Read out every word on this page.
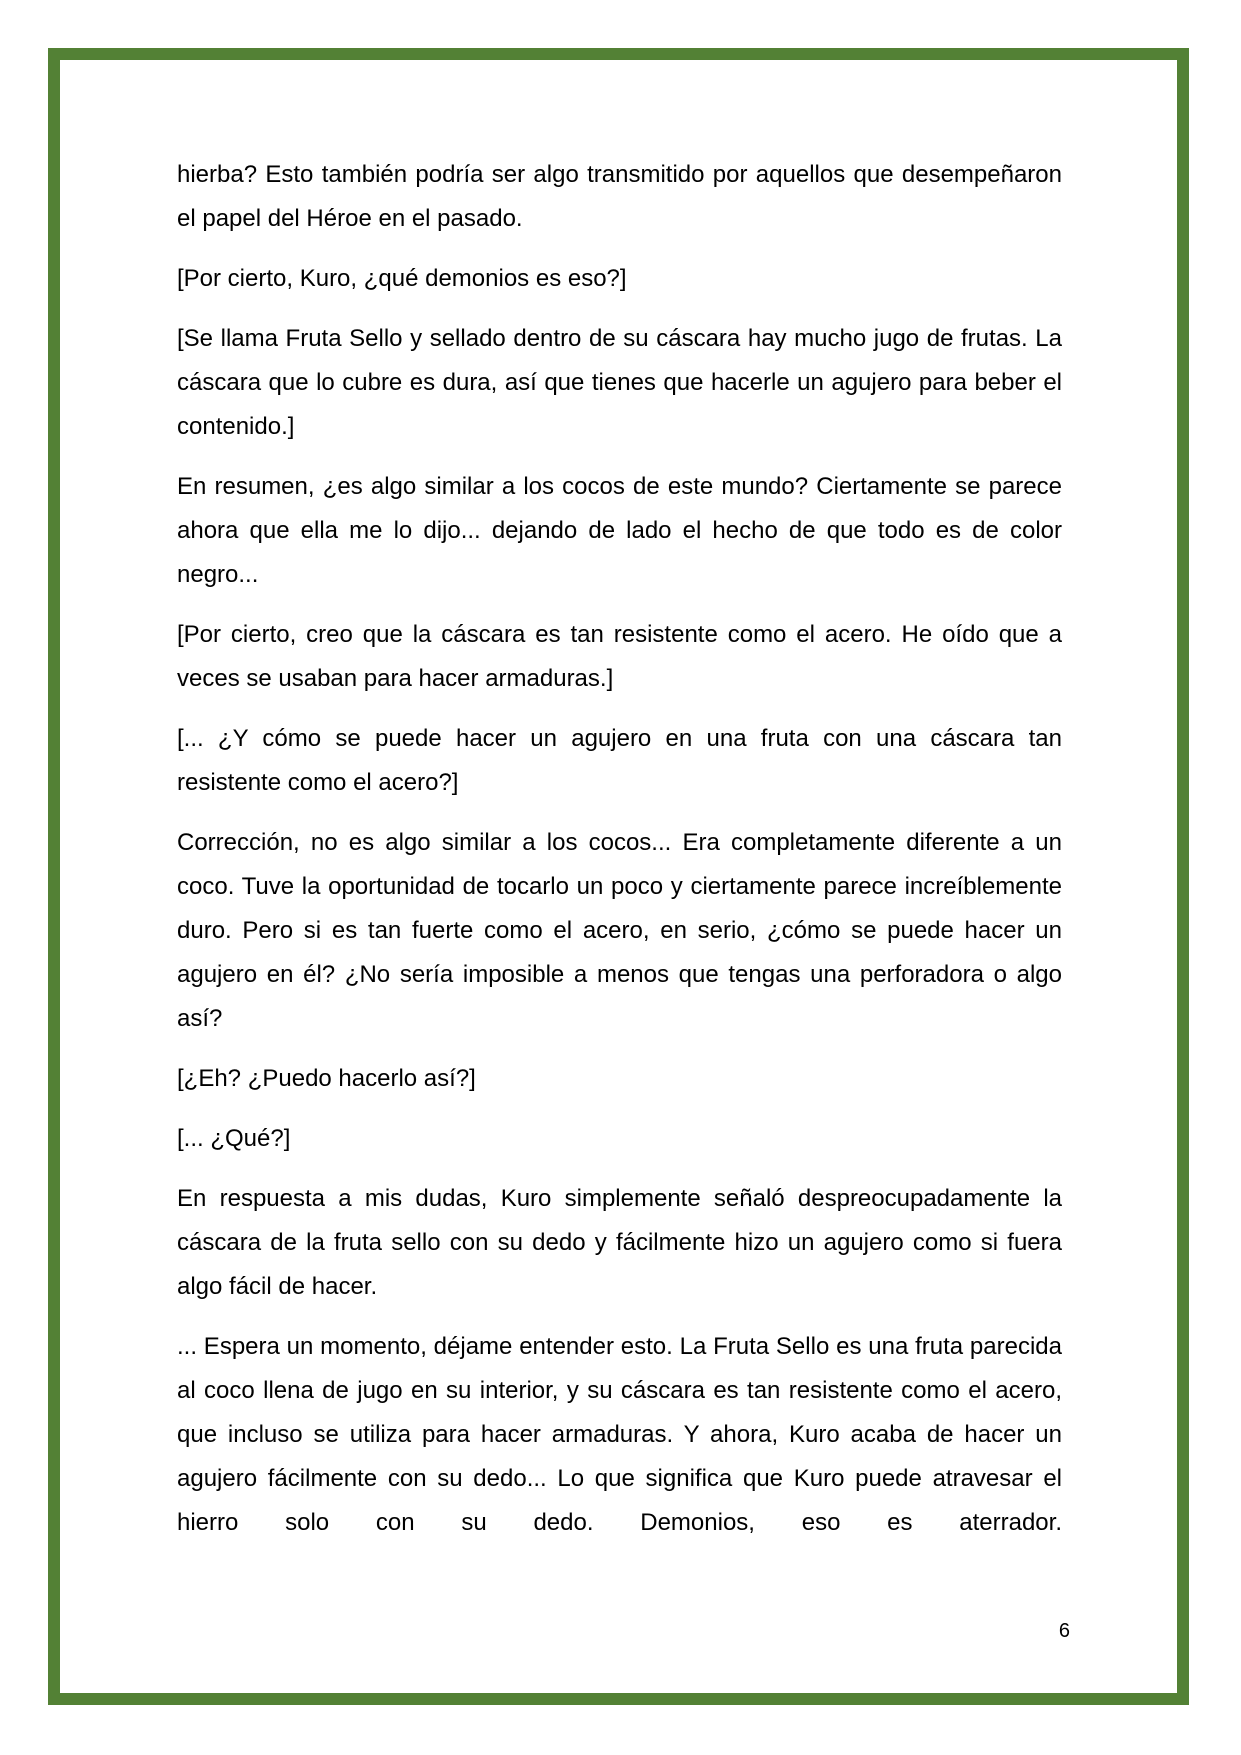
hierba? Esto también podría ser algo transmitido por aquellos que desempeñaron el papel del Héroe en el pasado.

[Por cierto, Kuro, ¿qué demonios es eso?]

[Se llama Fruta Sello y sellado dentro de su cáscara hay mucho jugo de frutas. La cáscara que lo cubre es dura, así que tienes que hacerle un agujero para beber el contenido.]

En resumen, ¿es algo similar a los cocos de este mundo? Ciertamente se parece ahora que ella me lo dijo... dejando de lado el hecho de que todo es de color negro...

[Por cierto, creo que la cáscara es tan resistente como el acero. He oído que a veces se usaban para hacer armaduras.]

[... ¿Y cómo se puede hacer un agujero en una fruta con una cáscara tan resistente como el acero?]

Corrección, no es algo similar a los cocos... Era completamente diferente a un coco. Tuve la oportunidad de tocarlo un poco y ciertamente parece increíblemente duro. Pero si es tan fuerte como el acero, en serio, ¿cómo se puede hacer un agujero en él? ¿No sería imposible a menos que tengas una perforadora o algo así?

[¿Eh? ¿Puedo hacerlo así?]

[... ¿Qué?]

En respuesta a mis dudas, Kuro simplemente señaló despreocupadamente la cáscara de la fruta sello con su dedo y fácilmente hizo un agujero como si fuera algo fácil de hacer.

... Espera un momento, déjame entender esto. La Fruta Sello es una fruta parecida al coco llena de jugo en su interior, y su cáscara es tan resistente como el acero, que incluso se utiliza para hacer armaduras. Y ahora, Kuro acaba de hacer un agujero fácilmente con su dedo... Lo que significa que Kuro puede atravesar el hierro solo con su dedo. Demonios, eso es aterrador.

6
